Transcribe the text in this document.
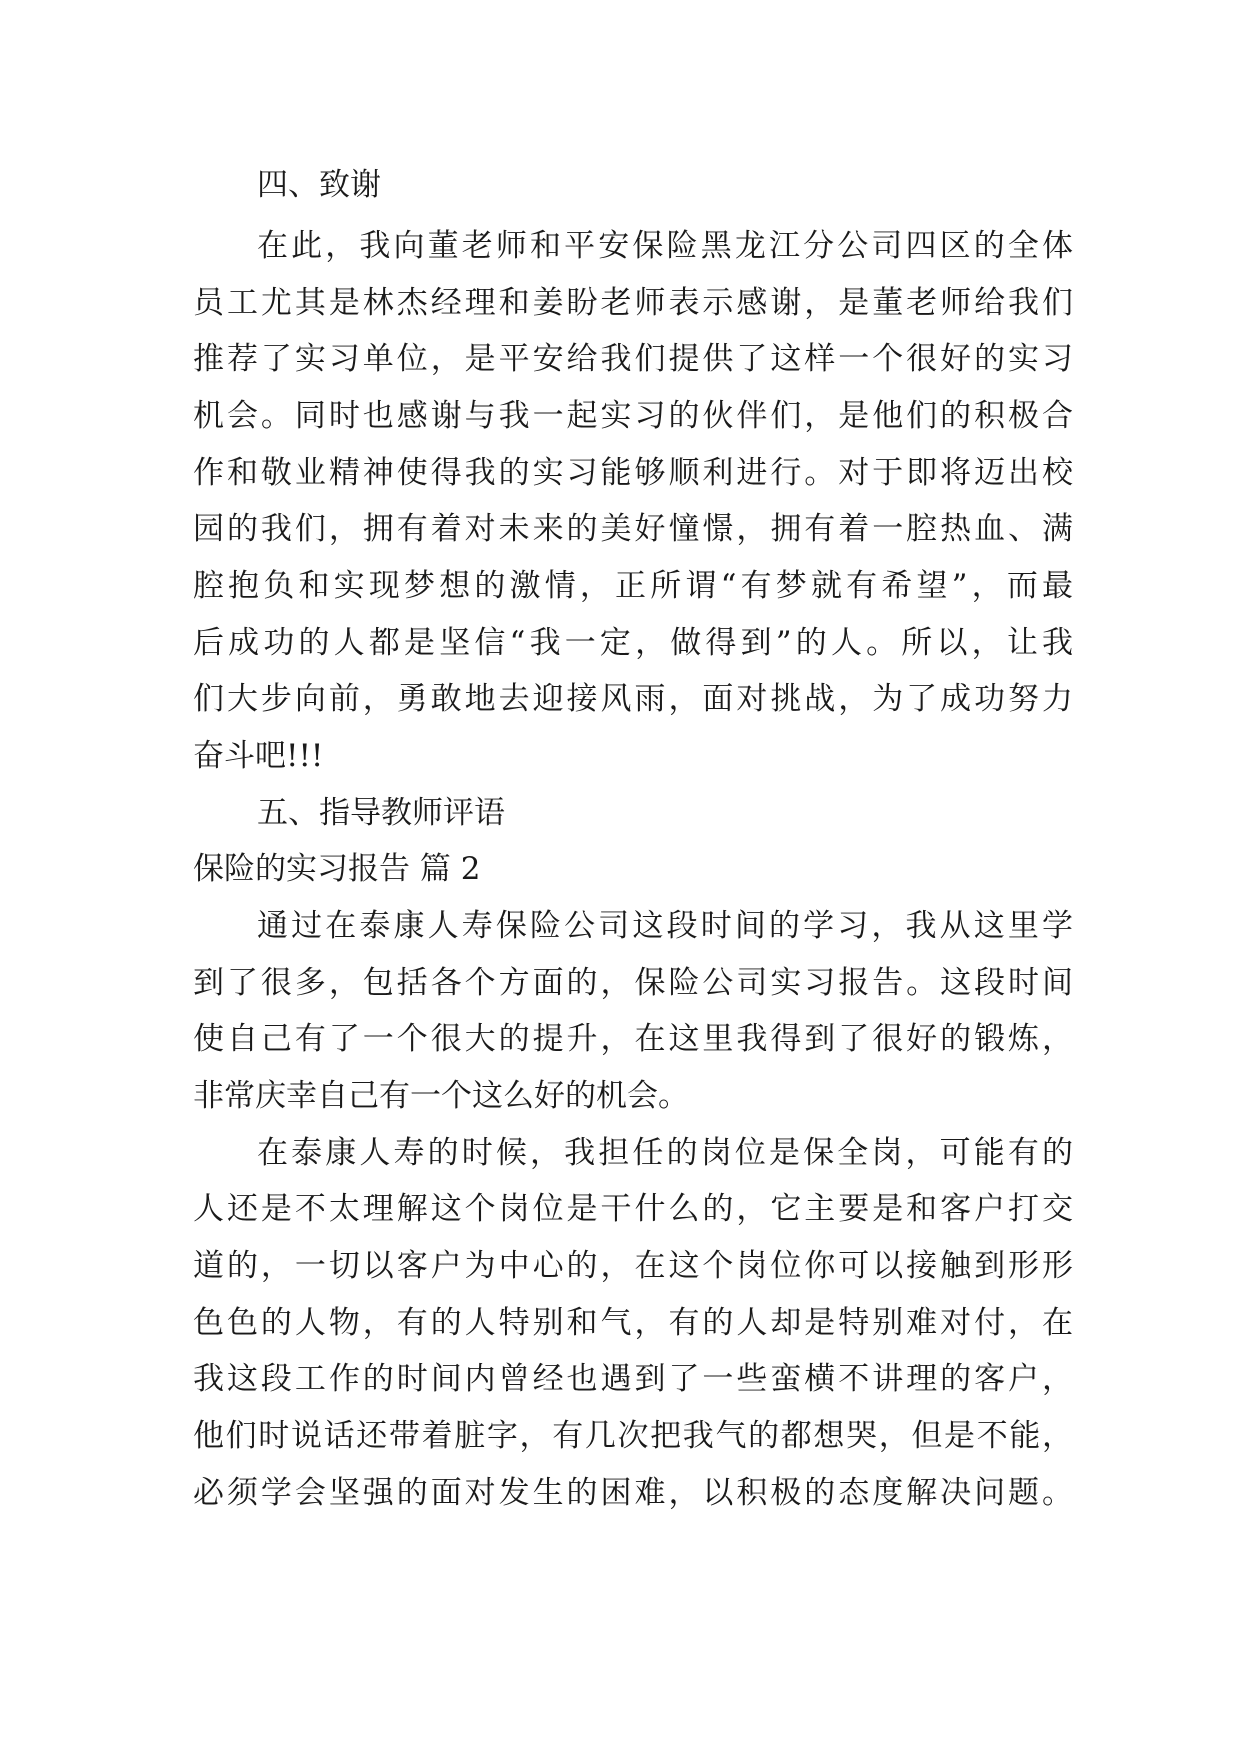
四、致谢
在此，我向董老师和平安保险黑龙江分公司四区的全体
员工尤其是林杰经理和姜盼老师表示感谢，是董老师给我们
推荐了实习单位，是平安给我们提供了这样一个很好的实习
机会。同时也感谢与我一起实习的伙伴们，是他们的积极合
作和敬业精神使得我的实习能够顺利进行。对于即将迈出校
园的我们，拥有着对未来的美好憧憬，拥有着一腔热血、满
腔抱负和实现梦想的激情，正所谓“有梦就有希望”，而最
后成功的人都是坚信“我一定，做得到”的人。所以，让我
们大步向前，勇敢地去迎接风雨，面对挑战，为了成功努力
奋斗吧!!!
五、指导教师评语
保险的实习报告 篇 2
通过在泰康人寿保险公司这段时间的学习，我从这里学
到了很多，包括各个方面的，保险公司实习报告。这段时间
使自己有了一个很大的提升，在这里我得到了很好的锻炼，
非常庆幸自己有一个这么好的机会。
在泰康人寿的时候，我担任的岗位是保全岗，可能有的
人还是不太理解这个岗位是干什么的，它主要是和客户打交
道的，一切以客户为中心的，在这个岗位你可以接触到形形
色色的人物，有的人特别和气，有的人却是特别难对付，在
我这段工作的时间内曾经也遇到了一些蛮横不讲理的客户，
他们时说话还带着脏字，有几次把我气的都想哭，但是不能，
必须学会坚强的面对发生的困难，以积极的态度解决问题。
